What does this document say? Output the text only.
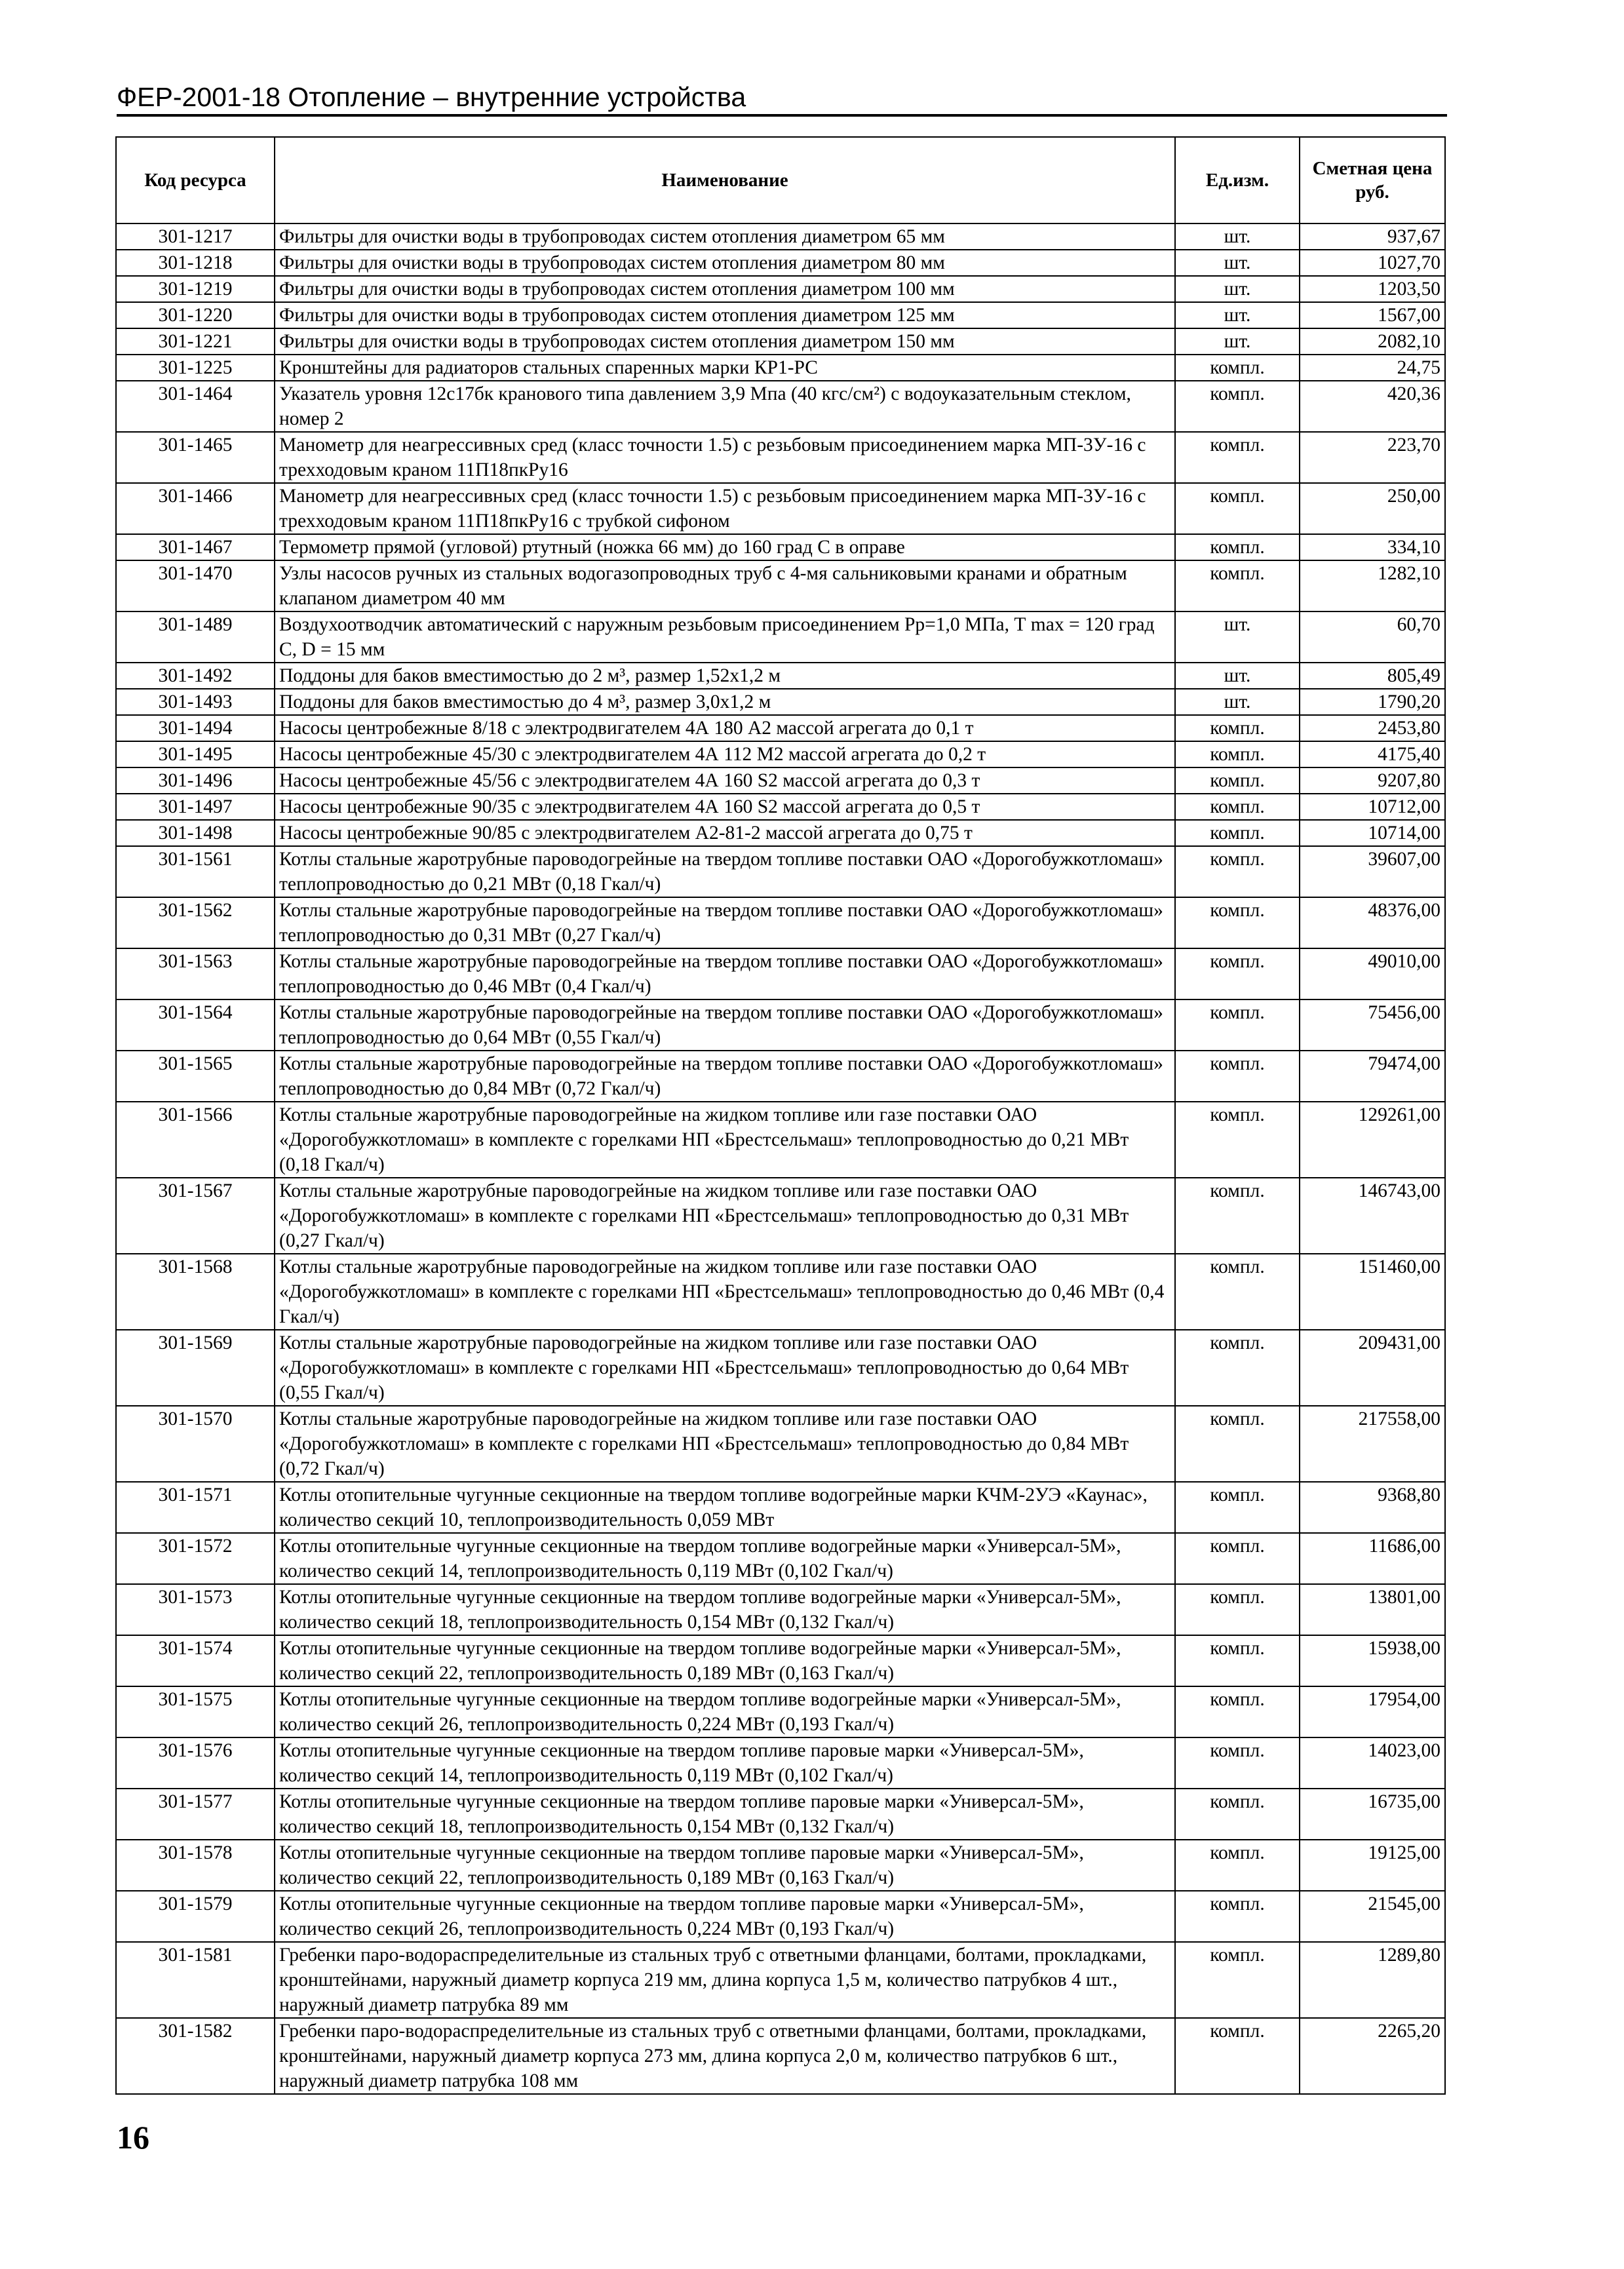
ФЕР-2001-18 Отопление – внутренние устройства
Код ресурса	Наименование	Ед.изм.	Сметная цена руб.
301-1217	Фильтры для очистки воды в трубопроводах систем отопления диаметром 65 мм	шт.	937,67
301-1218	Фильтры для очистки воды в трубопроводах систем отопления диаметром 80 мм	шт.	1027,70
301-1219	Фильтры для очистки воды в трубопроводах систем отопления диаметром 100 мм	шт.	1203,50
301-1220	Фильтры для очистки воды в трубопроводах систем отопления диаметром 125 мм	шт.	1567,00
301-1221	Фильтры для очистки воды в трубопроводах систем отопления диаметром 150 мм	шт.	2082,10
301-1225	Кронштейны для радиаторов стальных спаренных марки КР1-РС	компл.	24,75
301-1464	Указатель уровня 12с17бк кранового типа давлением 3,9 Мпа (40 кгс/см²) с водоуказательным стеклом, номер 2	компл.	420,36
301-1465	Манометр для неагрессивных сред (класс точности 1.5) с резьбовым присоединением марка МП-3У-16 с трехходовым краном 11П18пкРу16	компл.	223,70
301-1466	Манометр для неагрессивных сред (класс точности 1.5) с резьбовым присоединением марка МП-3У-16 с трехходовым краном 11П18пкРу16 с трубкой сифоном	компл.	250,00
301-1467	Термометр прямой (угловой) ртутный (ножка 66 мм) до 160 град С в оправе	компл.	334,10
301-1470	Узлы насосов ручных из стальных водогазопроводных труб с 4-мя сальниковыми кранами и обратным клапаном диаметром 40 мм	компл.	1282,10
301-1489	Воздухоотводчик автоматический с наружным резьбовым присоединением Рр=1,0 МПа, Т max = 120 град С, D = 15 мм	шт.	60,70
301-1492	Поддоны для баков вместимостью до 2 м³, размер 1,52х1,2 м	шт.	805,49
301-1493	Поддоны для баков вместимостью до 4 м³, размер 3,0х1,2 м	шт.	1790,20
301-1494	Насосы центробежные 8/18 с электродвигателем 4А 180 А2 массой агрегата до 0,1 т	компл.	2453,80
301-1495	Насосы центробежные 45/30 с электродвигателем 4А 112 М2 массой агрегата до 0,2 т	компл.	4175,40
301-1496	Насосы центробежные 45/56 с электродвигателем 4А 160 S2 массой агрегата до 0,3 т	компл.	9207,80
301-1497	Насосы центробежные 90/35 с электродвигателем 4А 160 S2 массой агрегата до 0,5 т	компл.	10712,00
301-1498	Насосы центробежные 90/85 с электродвигателем А2-81-2 массой агрегата до 0,75 т	компл.	10714,00
301-1561	Котлы стальные жаротрубные пароводогрейные на твердом топливе поставки ОАО «Дорогобужкотломаш» теплопроводностью до 0,21 МВт (0,18 Гкал/ч)	компл.	39607,00
301-1562	Котлы стальные жаротрубные пароводогрейные на твердом топливе поставки ОАО «Дорогобужкотломаш» теплопроводностью до 0,31 МВт (0,27 Гкал/ч)	компл.	48376,00
301-1563	Котлы стальные жаротрубные пароводогрейные на твердом топливе поставки ОАО «Дорогобужкотломаш» теплопроводностью до 0,46 МВт (0,4 Гкал/ч)	компл.	49010,00
301-1564	Котлы стальные жаротрубные пароводогрейные на твердом топливе поставки ОАО «Дорогобужкотломаш» теплопроводностью до 0,64 МВт (0,55 Гкал/ч)	компл.	75456,00
301-1565	Котлы стальные жаротрубные пароводогрейные на твердом топливе поставки ОАО «Дорогобужкотломаш» теплопроводностью до 0,84 МВт (0,72 Гкал/ч)	компл.	79474,00
301-1566	Котлы стальные жаротрубные пароводогрейные на жидком топливе или газе поставки ОАО «Дорогобужкотломаш» в комплекте с горелками НП «Брестсельмаш» теплопроводностью до 0,21 МВт (0,18 Гкал/ч)	компл.	129261,00
301-1567	Котлы стальные жаротрубные пароводогрейные на жидком топливе или газе поставки ОАО «Дорогобужкотломаш» в комплекте с горелками НП «Брестсельмаш» теплопроводностью до 0,31 МВт (0,27 Гкал/ч)	компл.	146743,00
301-1568	Котлы стальные жаротрубные пароводогрейные на жидком топливе или газе поставки ОАО «Дорогобужкотломаш» в комплекте с горелками НП «Брестсельмаш» теплопроводностью до 0,46 МВт (0,4 Гкал/ч)	компл.	151460,00
301-1569	Котлы стальные жаротрубные пароводогрейные на жидком топливе или газе поставки ОАО «Дорогобужкотломаш» в комплекте с горелками НП «Брестсельмаш» теплопроводностью до 0,64 МВт (0,55 Гкал/ч)	компл.	209431,00
301-1570	Котлы стальные жаротрубные пароводогрейные на жидком топливе или газе поставки ОАО «Дорогобужкотломаш» в комплекте с горелками НП «Брестсельмаш» теплопроводностью до 0,84 МВт (0,72 Гкал/ч)	компл.	217558,00
301-1571	Котлы отопительные чугунные секционные на твердом топливе водогрейные марки КЧМ-2УЭ «Каунас», количество секций 10, теплопроизводительность 0,059 МВт	компл.	9368,80
301-1572	Котлы отопительные чугунные секционные на твердом топливе водогрейные марки «Универсал-5М», количество секций 14, теплопроизводительность 0,119 МВт (0,102 Гкал/ч)	компл.	11686,00
301-1573	Котлы отопительные чугунные секционные на твердом топливе водогрейные марки «Универсал-5М», количество секций 18, теплопроизводительность 0,154 МВт (0,132 Гкал/ч)	компл.	13801,00
301-1574	Котлы отопительные чугунные секционные на твердом топливе водогрейные марки «Универсал-5М», количество секций 22, теплопроизводительность 0,189 МВт (0,163 Гкал/ч)	компл.	15938,00
301-1575	Котлы отопительные чугунные секционные на твердом топливе водогрейные марки «Универсал-5М», количество секций 26, теплопроизводительность 0,224 МВт (0,193 Гкал/ч)	компл.	17954,00
301-1576	Котлы отопительные чугунные секционные на твердом топливе паровые марки «Универсал-5М», количество секций 14, теплопроизводительность 0,119 МВт (0,102 Гкал/ч)	компл.	14023,00
301-1577	Котлы отопительные чугунные секционные на твердом топливе паровые марки «Универсал-5М», количество секций 18, теплопроизводительность 0,154 МВт (0,132 Гкал/ч)	компл.	16735,00
301-1578	Котлы отопительные чугунные секционные на твердом топливе паровые марки «Универсал-5М», количество секций 22, теплопроизводительность 0,189 МВт (0,163 Гкал/ч)	компл.	19125,00
301-1579	Котлы отопительные чугунные секционные на твердом топливе паровые марки «Универсал-5М», количество секций 26, теплопроизводительность 0,224 МВт (0,193 Гкал/ч)	компл.	21545,00
301-1581	Гребенки паро-водораспределительные из стальных труб с ответными фланцами, болтами, прокладками, кронштейнами, наружный диаметр корпуса 219 мм, длина корпуса 1,5 м, количество патрубков 4 шт., наружный диаметр патрубка 89 мм	компл.	1289,80
301-1582	Гребенки паро-водораспределительные из стальных труб с ответными фланцами, болтами, прокладками, кронштейнами, наружный диаметр корпуса 273 мм, длина корпуса 2,0 м, количество патрубков 6 шт., наружный диаметр патрубка 108 мм	компл.	2265,20
16
